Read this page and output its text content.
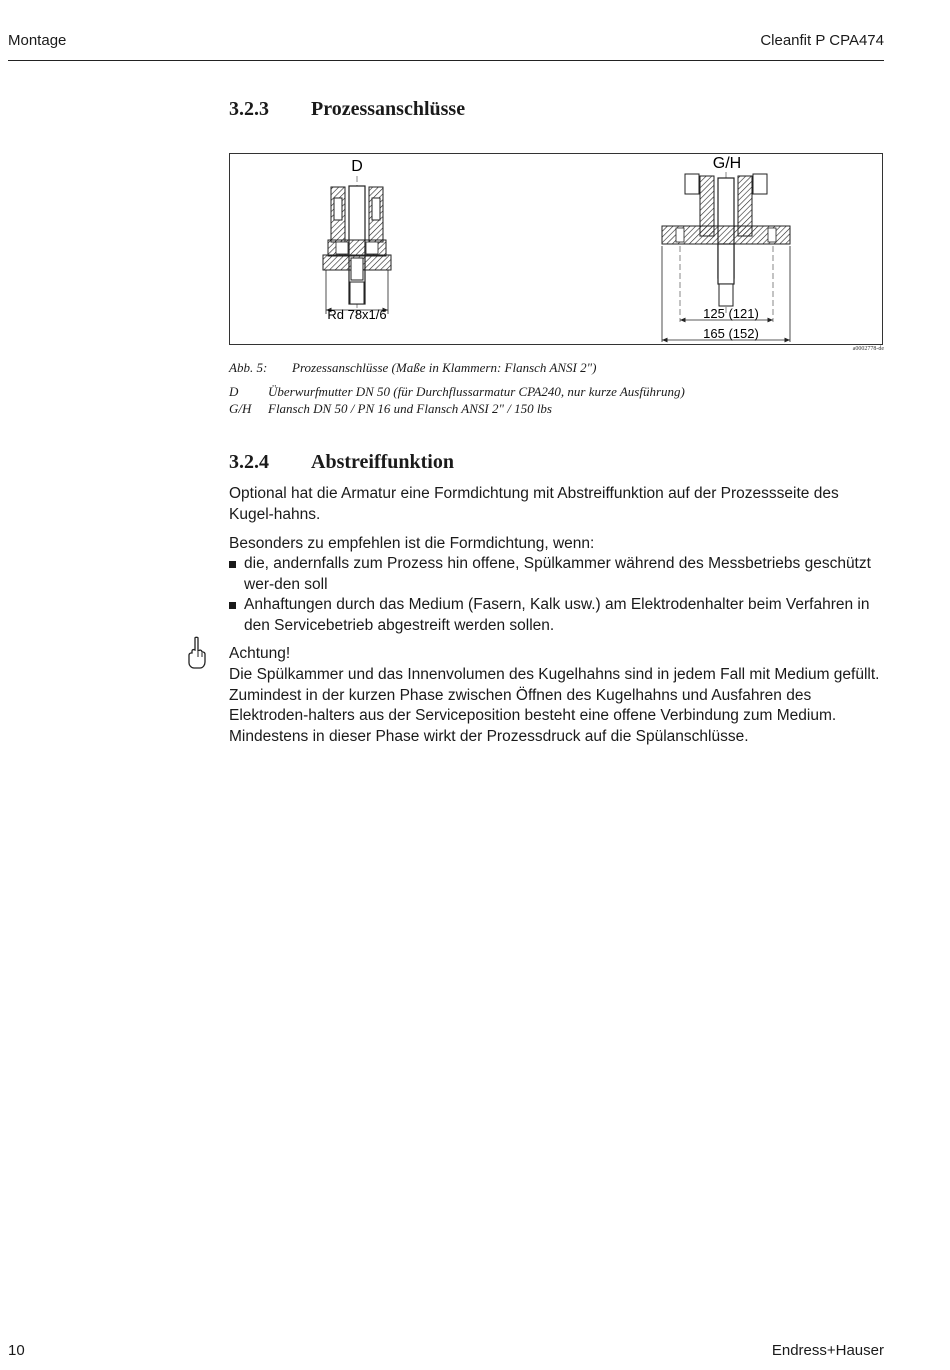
Montage	Cleanfit P CPA474
3.2.3 Prozessanschlüsse
D
Rd 78x1/6
G/H
125 (121)
165 (152)
a0002778-de
Abb. 5: Prozessanschlüsse (Maße in Klammern: Flansch ANSI 2")
D Überwurfmutter DN 50 (für Durchflussarmatur CPA240, nur kurze Ausführung)
G/H Flansch DN 50 / PN 16 und Flansch ANSI 2" / 150 lbs
3.2.4 Abstreiffunktion
Optional hat die Armatur eine Formdichtung mit Abstreiffunktion auf der Prozessseite des Kugel-hahns.
Besonders zu empfehlen ist die Formdichtung, wenn:
die, andernfalls zum Prozess hin offene, Spülkammer während des Messbetriebs geschützt wer-den soll
Anhaftungen durch das Medium (Fasern, Kalk usw.) am Elektrodenhalter beim Verfahren in den Servicebetrieb abgestreift werden sollen.
Achtung!
Die Spülkammer und das Innenvolumen des Kugelhahns sind in jedem Fall mit Medium gefüllt. Zumindest in der kurzen Phase zwischen Öffnen des Kugelhahns und Ausfahren des Elektroden-halters aus der Serviceposition besteht eine offene Verbindung zum Medium. Mindestens in dieser Phase wirkt der Prozessdruck auf die Spülanschlüsse.
10	Endress+Hauser
